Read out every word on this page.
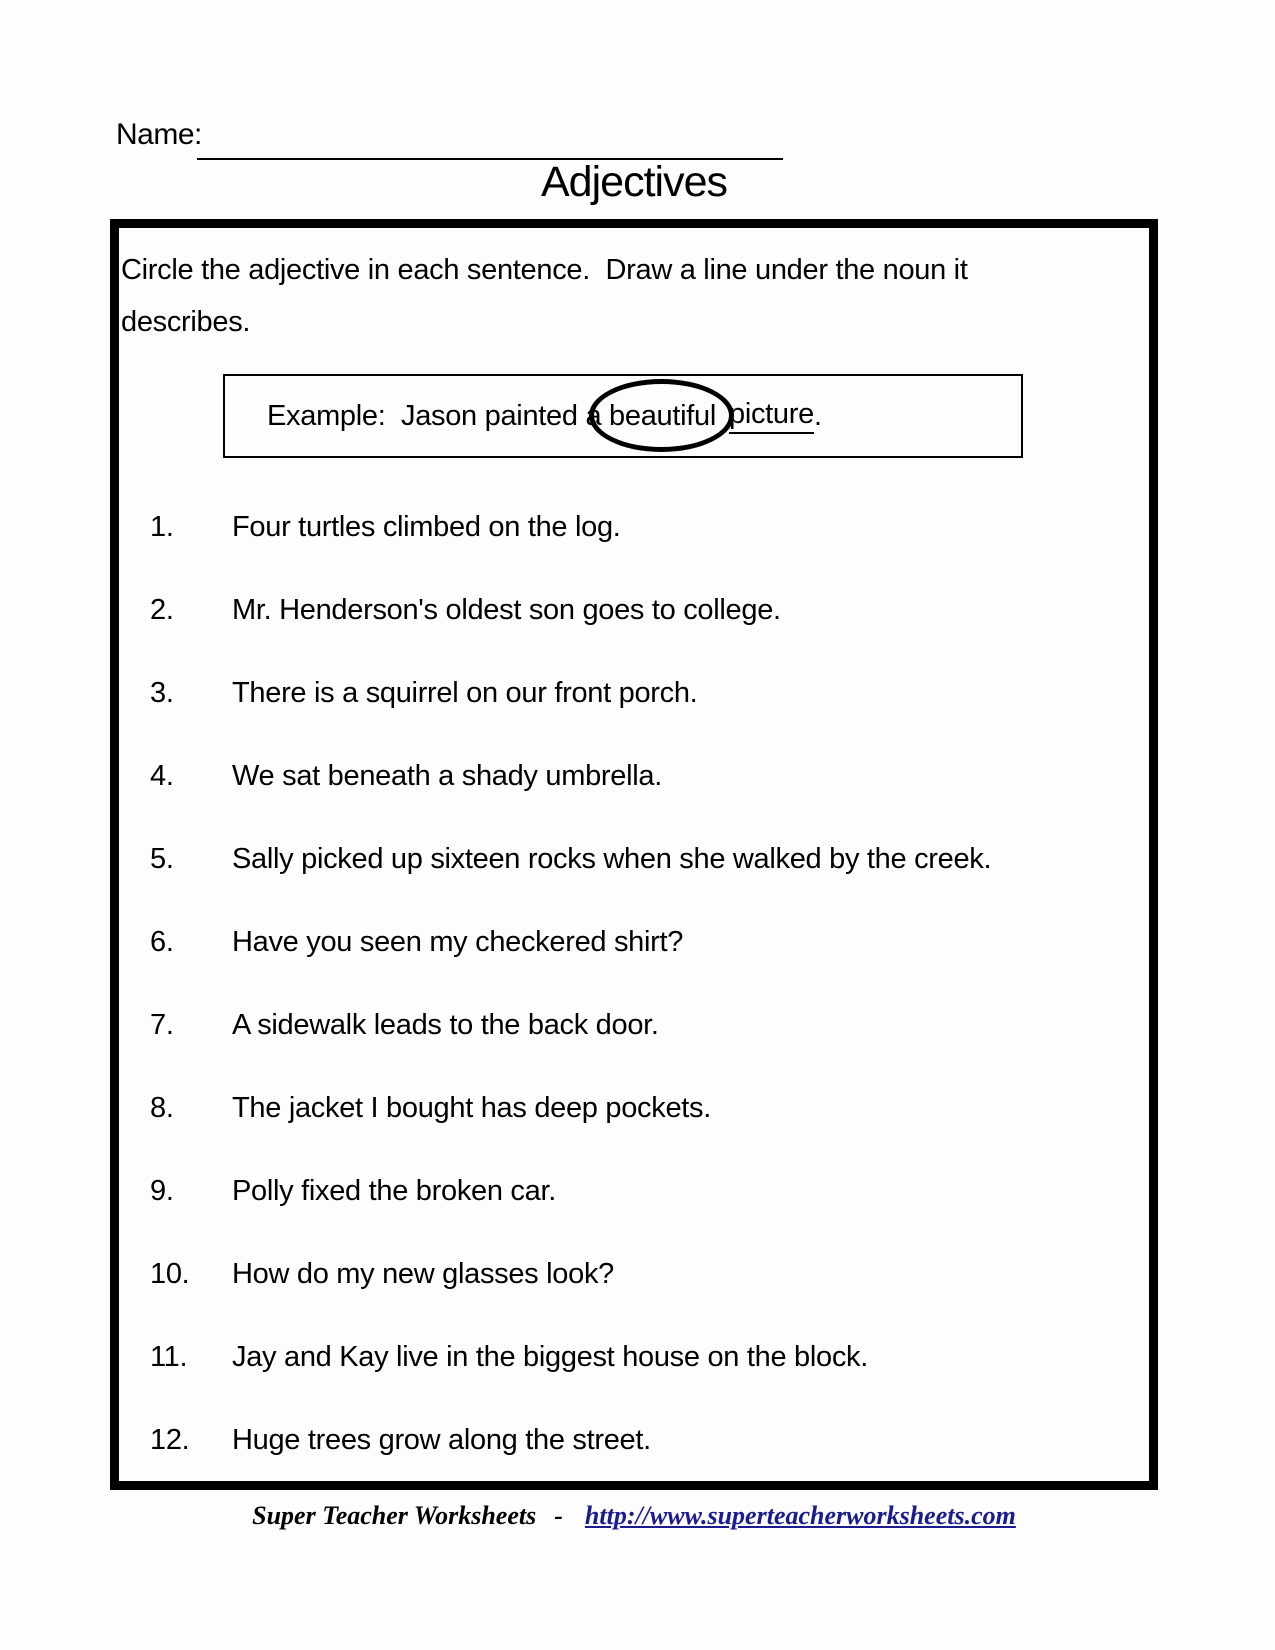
Name:
Adjectives

Circle the adjective in each sentence.  Draw a line under the noun it
describes.

Example:  Jason painted a beautiful picture .
1.	Four turtles climbed on the log.
2.	Mr. Henderson's oldest son goes to college.
3.	There is a squirrel on our front porch.
4.	We sat beneath a shady umbrella.
5.	Sally picked up sixteen rocks when she walked by the creek.
6.	Have you seen my checkered shirt?
7.	A sidewalk leads to the back door.
8.	The jacket I bought has deep pockets.
9.	Polly fixed the broken car.
10.	How do my new glasses look?
11.	Jay and Kay live in the biggest house on the block.
12.	Huge trees grow along the street.
Super Teacher Worksheets - http://www.superteacherworksheets.com
